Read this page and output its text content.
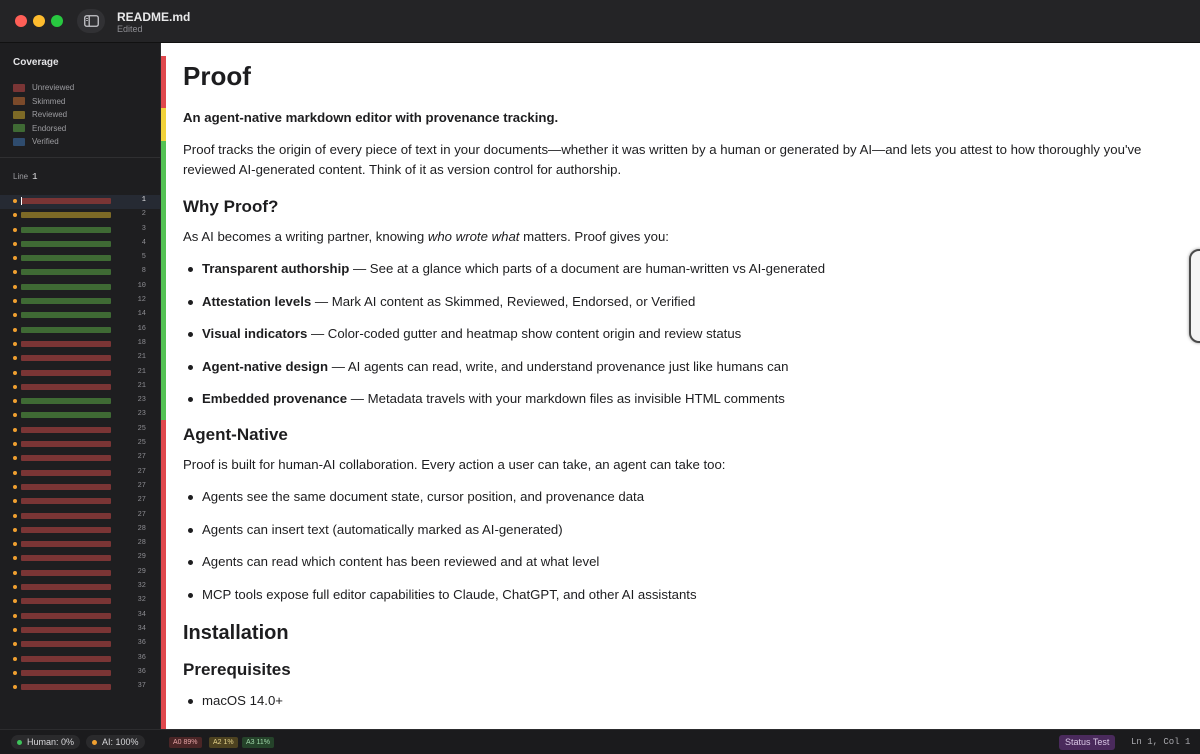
README.md
Edited
Coverage
Unreviewed
Skimmed
Reviewed
Endorsed
Verified
Line 1
1
2
3
4
5
8
10
12
14
16
18
21
21
21
23
23
25
25
27
27
27
27
27
28
28
29
29
32
32
34
34
36
36
36
37
Proof
An agent-native markdown editor with provenance tracking.
Proof tracks the origin of every piece of text in your documents—whether it was written by a human or generated by AI—and lets you attest to how thoroughly you've reviewed AI-generated content. Think of it as version control for authorship.
Why Proof?
As AI becomes a writing partner, knowing who wrote what matters. Proof gives you:
Transparent authorship — See at a glance which parts of a document are human-written vs AI-generated
Attestation levels — Mark AI content as Skimmed, Reviewed, Endorsed, or Verified
Visual indicators — Color-coded gutter and heatmap show content origin and review status
Agent-native design — AI agents can read, write, and understand provenance just like humans can
Embedded provenance — Metadata travels with your markdown files as invisible HTML comments
Agent-Native
Proof is built for human-AI collaboration. Every action a user can take, an agent can take too:
Agents see the same document state, cursor position, and provenance data
Agents can insert text (automatically marked as AI-generated)
Agents can read which content has been reviewed and at what level
MCP tools expose full editor capabilities to Claude, ChatGPT, and other AI assistants
Installation
Prerequisites
macOS 14.0+
Human: 0%	AI: 100%	A0 89%	A2 1%	A3 11%	Status Test	Ln 1, Col 1
